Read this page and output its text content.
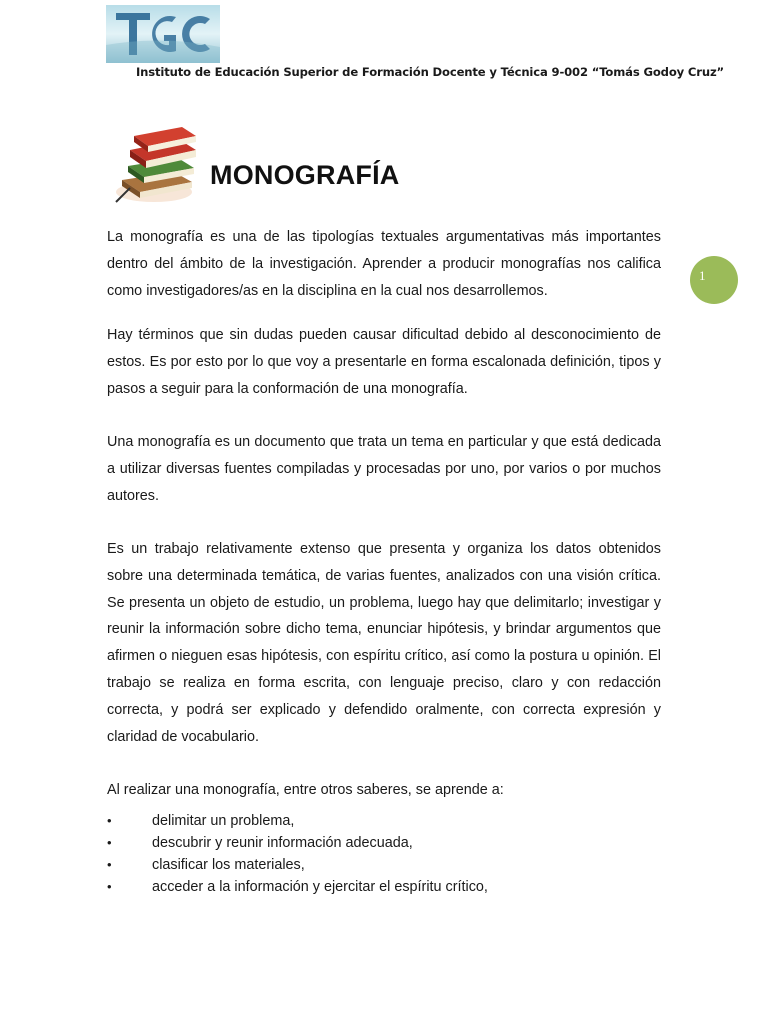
Instituto de Educación Superior de Formación Docente y Técnica 9-002 “Tomás Godoy Cruz”
MONOGRAFÍA
1

La monografía es una de las tipologías textuales argumentativas más importantes dentro del ámbito de la investigación. Aprender a producir monografías nos califica como investigadores/as en la disciplina en la cual nos desarrollemos.

Hay términos que sin dudas pueden causar dificultad debido al desconocimiento de estos. Es por esto por lo que voy a presentarle en forma escalonada definición, tipos y pasos a seguir para la conformación de una monografía.

Una monografía es un documento que trata un tema en particular y que está dedicada a utilizar diversas fuentes compiladas y procesadas por uno, por varios o por muchos autores.

Es un trabajo relativamente extenso que presenta y organiza los datos obtenidos sobre una determinada temática, de varias fuentes, analizados con una visión crítica. Se presenta un objeto de estudio, un problema, luego hay que delimitarlo; investigar y reunir la información sobre dicho tema, enunciar hipótesis, y brindar argumentos que afirmen o nieguen esas hipótesis, con espíritu crítico, así como la postura u opinión. El trabajo se realiza en forma escrita, con lenguaje preciso, claro y con redacción correcta, y podrá ser explicado y defendido oralmente, con correcta expresión y claridad de vocabulario.

Al realizar una monografía, entre otros saberes, se aprende a:

•	delimitar un problema,
•	descubrir y reunir información adecuada,
•	clasificar los materiales,
•	acceder a la información y ejercitar el espíritu crítico,
